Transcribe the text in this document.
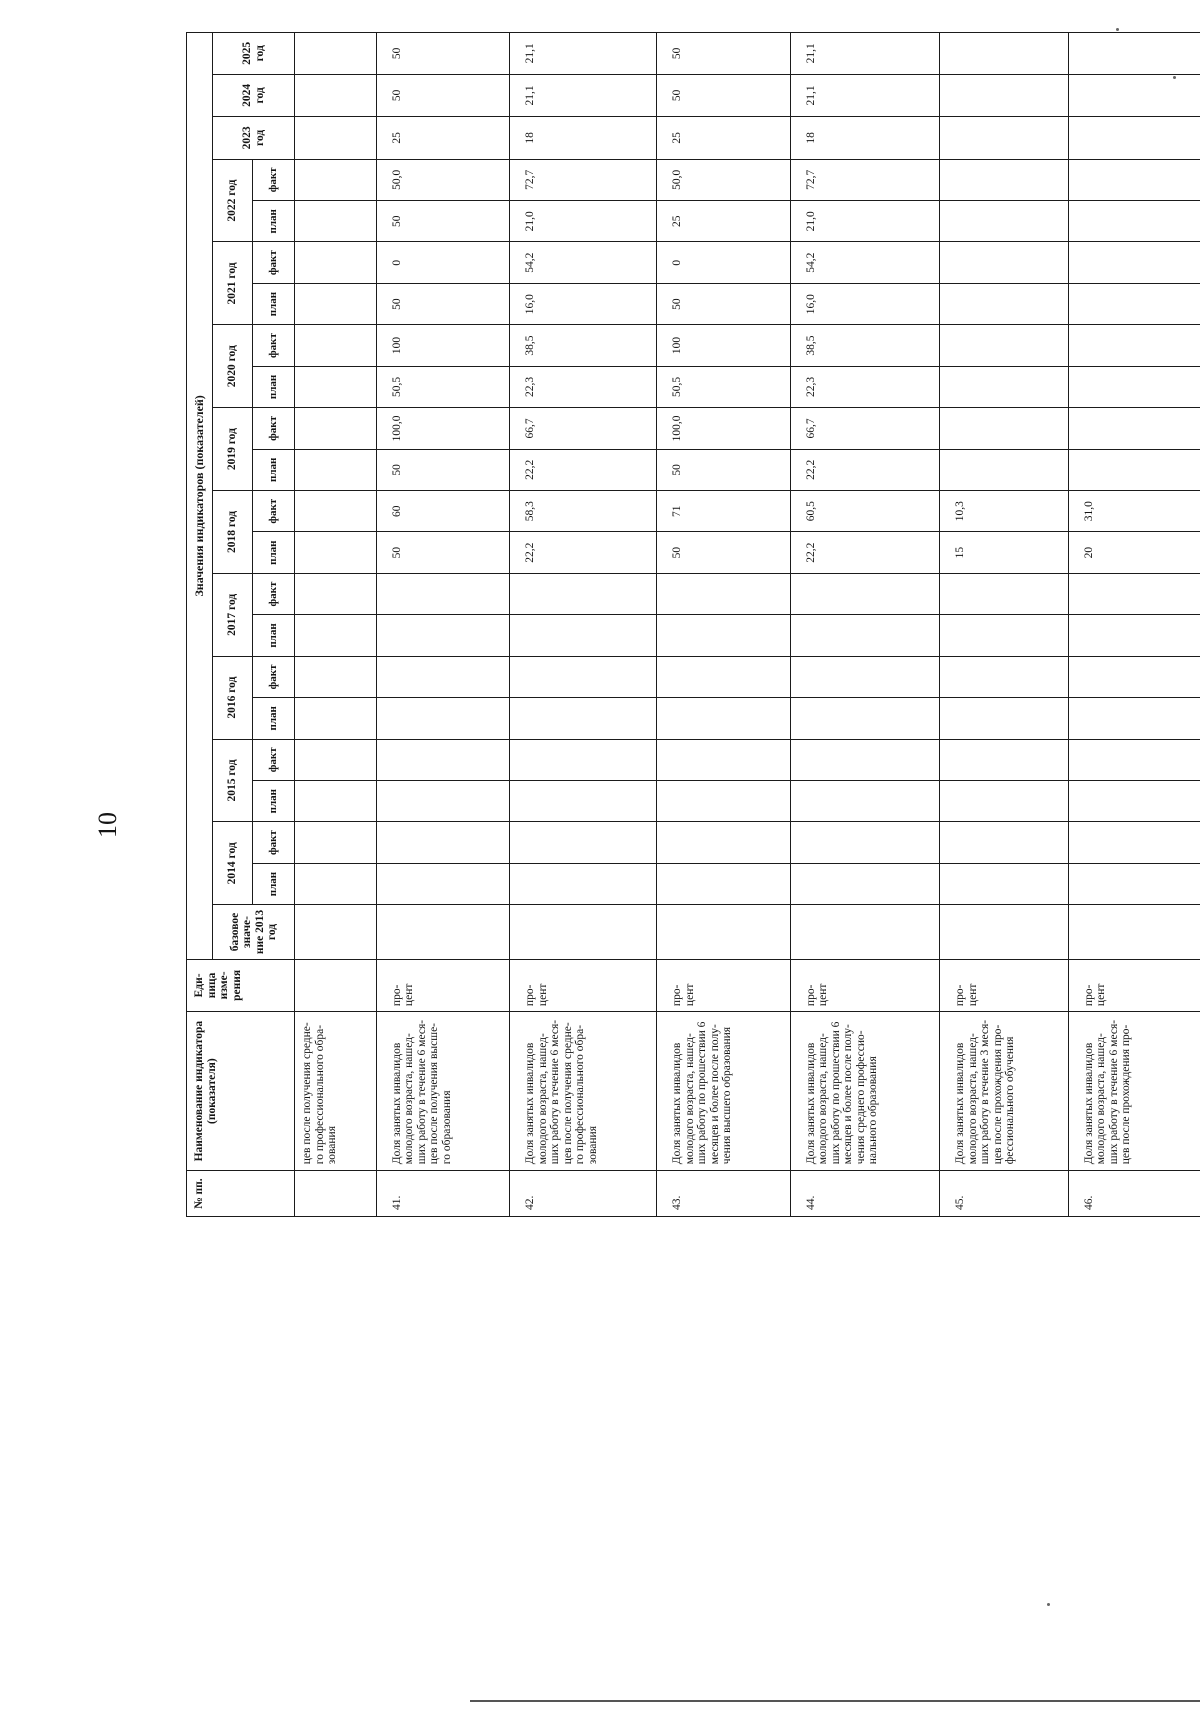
10
№ пп.	Наименование индикатора (показателя)	Еди-ница изме-рения	Значения индикаторов (показателей)																					
			базовое значе-ние 2013 год	2014 год		2015 год		2016 год		2017 год		2018 год		2019 год		2020 год		2021 год		2022 год		2023 год	2024 год	2025 год
				план	факт	план	факт	план	факт	план	факт	план	факт	план	факт	план	факт	план	факт	план	факт			
	цев после получения средне-го профессионального обра-зования																							
41.	Доля занятых инвалидов молодого возраста, нашед-ших работу в течение 6 меся-цев после получения высше-го образования	про-цент										50	60	50	100,0	50,5	100	50	0	50	50,0	25	50	50
42.	Доля занятых инвалидов молодого возраста, нашед-ших работу в течение 6 меся-цев после получения средне-го профессионального обра-зования	про-цент										22,2	58,3	22,2	66,7	22,3	38,5	16,0	54,2	21,0	72,7	18	21,1	21,1
43.	Доля занятых инвалидов молодого возраста, нашед-ших работу по прошествии 6 месяцев и более после полу-чения высшего образования	про-цент										50	71	50	100,0	50,5	100	50	0	25	50,0	25	50	50
44.	Доля занятых инвалидов молодого возраста, нашед-ших работу по прошествии 6 месяцев и более после полу-чения среднего профессио-нального образования	про-цент										22,2	60,5	22,2	66,7	22,3	38,5	16,0	54,2	21,0	72,7	18	21,1	21,1
45.	Доля занятых инвалидов молодого возраста, нашед-ших работу в течение 3 меся-цев после прохождения про-фессионального обучения	про-цент										15	10,3											
46.	Доля занятых инвалидов молодого возраста, нашед-ших работу в течение 6 меся-цев после прохождения про-	про-цент										20	31,0											
